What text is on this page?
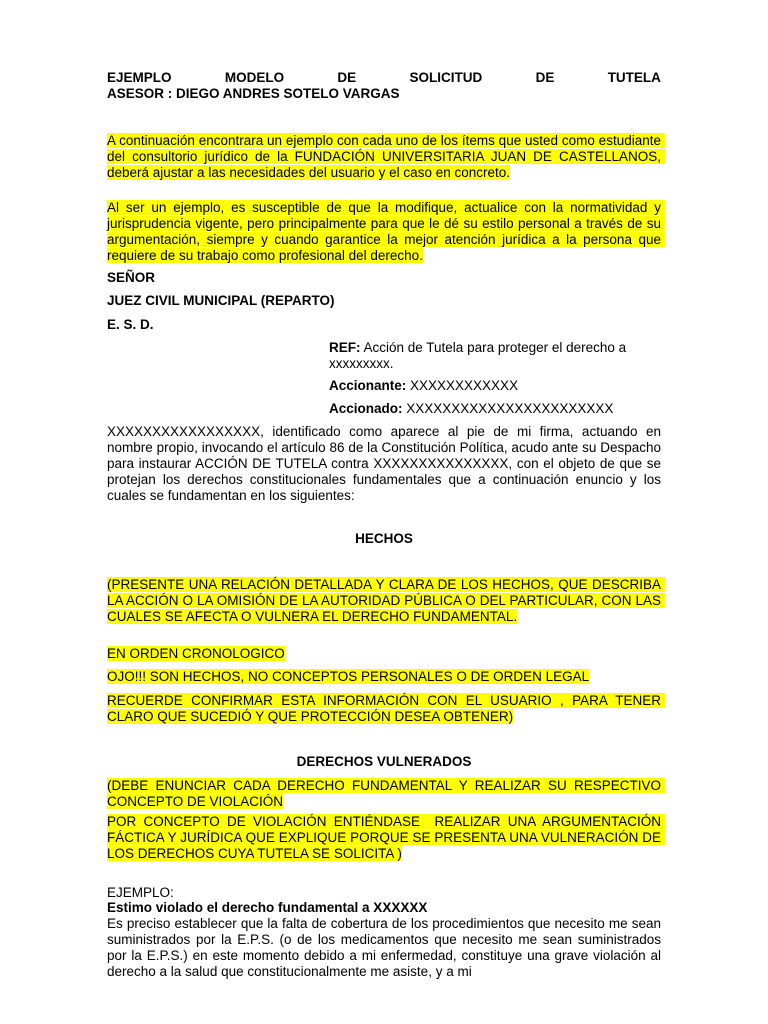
EJEMPLO	MODELO	DE	SOLICITUD	DE	TUTELA
ASESOR : DIEGO ANDRES SOTELO VARGAS

A continuación encontrara un ejemplo con cada uno de los ítems que usted como estudiante del consultorio jurídico de la FUNDACIÓN UNIVERSITARIA JUAN DE CASTELLANOS, deberá ajustar a las necesidades del usuario y el caso en concreto.

Al ser un ejemplo, es susceptible de que la modifique, actualice con la normatividad y jurisprudencia vigente, pero principalmente para que le dé su estilo personal a través de su argumentación, siempre y cuando garantice la mejor atención jurídica a la persona que requiere de su trabajo como profesional del derecho.

SEÑOR
JUEZ CIVIL MUNICIPAL (REPARTO)
E. S. D.
REF: Acción de Tutela para proteger el derecho a xxxxxxxxx.
Accionante: XXXXXXXXXXXX
Accionado: XXXXXXXXXXXXXXXXXXXXXXX

XXXXXXXXXXXXXXXXX, identificado como aparece al pie de mi firma, actuando en nombre propio, invocando el artículo 86 de la Constitución Política, acudo ante su Despacho para instaurar ACCIÓN DE TUTELA contra XXXXXXXXXXXXXXX, con el objeto de que se protejan los derechos constitucionales fundamentales que a continuación enuncio y los cuales se fundamentan en los siguientes:

HECHOS

(PRESENTE UNA RELACIÓN DETALLADA Y CLARA DE LOS HECHOS, QUE DESCRIBA LA ACCIÓN O LA OMISIÓN DE LA AUTORIDAD PÚBLICA O DEL PARTICULAR, CON LAS CUALES SE AFECTA O VULNERA EL DERECHO FUNDAMENTAL.

EN ORDEN CRONOLOGICO

OJO!!! SON HECHOS, NO CONCEPTOS PERSONALES O DE ORDEN LEGAL

RECUERDE CONFIRMAR ESTA INFORMACIÓN CON EL USUARIO , PARA TENER CLARO QUE SUCEDIÓ Y QUE PROTECCIÓN DESEA OBTENER)

DERECHOS VULNERADOS

(DEBE ENUNCIAR CADA DERECHO FUNDAMENTAL Y REALIZAR SU RESPECTIVO CONCEPTO DE VIOLACIÓN

POR CONCEPTO DE VIOLACIÓN ENTIÉNDASE  REALIZAR UNA ARGUMENTACIÓN FÁCTICA Y JURÍDICA QUE EXPLIQUE PORQUE SE PRESENTA UNA VULNERACIÓN DE LOS DERECHOS CUYA TUTELA SE SOLICITA )

EJEMPLO:
Estimo violado el derecho fundamental a XXXXXX

Es preciso establecer que la falta de cobertura de los procedimientos que necesito me sean suministrados por la E.P.S. (o de los medicamentos que necesito me sean suministrados por la E.P.S.) en este momento debido a mi enfermedad, constituye una grave violación al derecho a la salud que constitucionalmente me asiste, y a mi
